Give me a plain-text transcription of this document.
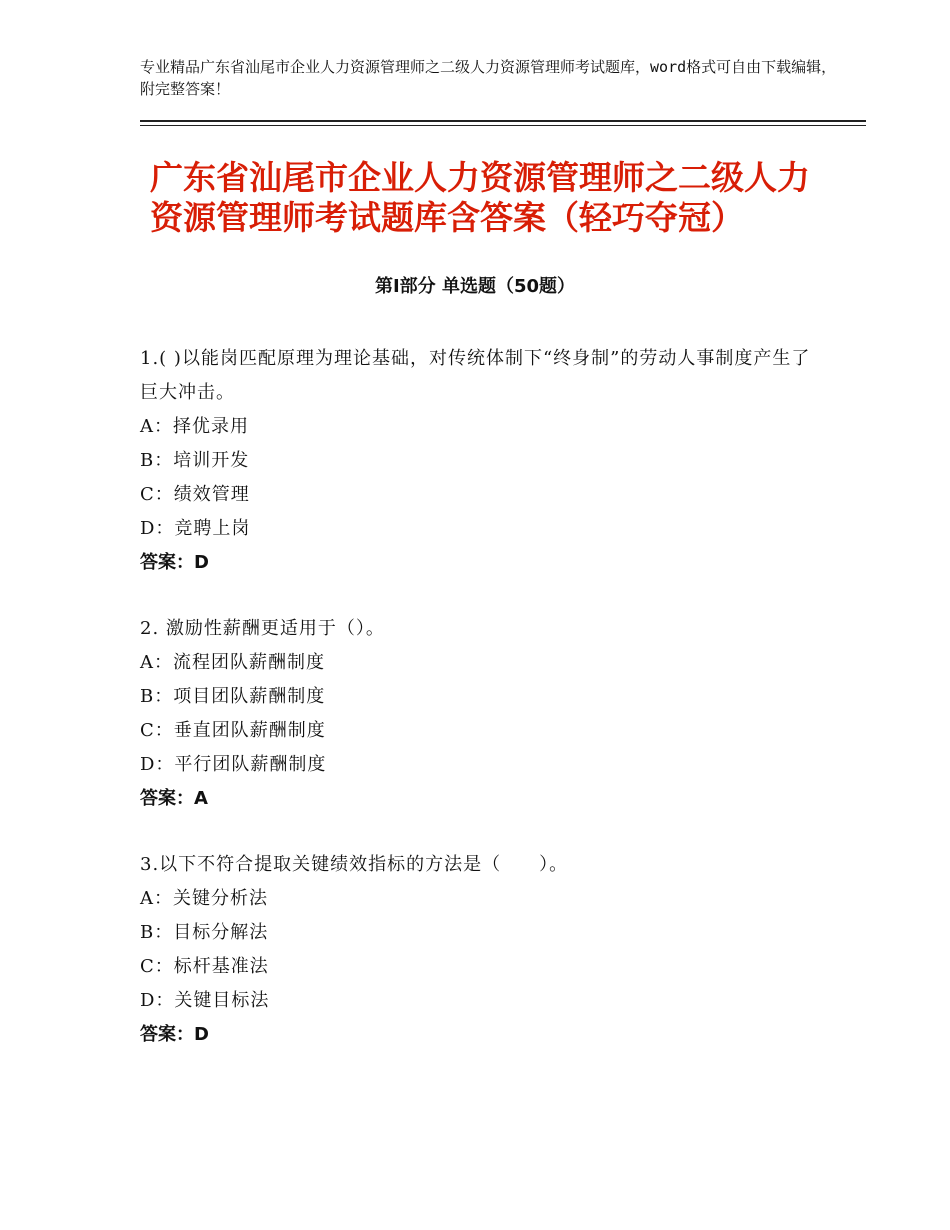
专业精品广东省汕尾市企业人力资源管理师之二级人力资源管理师考试题库，word格式可自由下载编辑，附完整答案！
广东省汕尾市企业人力资源管理师之二级人力资源管理师考试题库含答案（轻巧夺冠）
第Ⅰ部分 单选题（50题）

1.( )以能岗匹配原理为理论基础，对传统体制下“终身制”的劳动人事制度产生了巨大冲击。

A：择优录用

B：培训开发

C：绩效管理

D：竞聘上岗

答案：D

2. 激励性薪酬更适用于（）。

A：流程团队薪酬制度

B：项目团队薪酬制度

C：垂直团队薪酬制度

D：平行团队薪酬制度

答案：A

3.以下不符合提取关键绩效指标的方法是（　　）。

A：关键分析法

B：目标分解法

C：标杆基准法

D：关键目标法

答案：D
